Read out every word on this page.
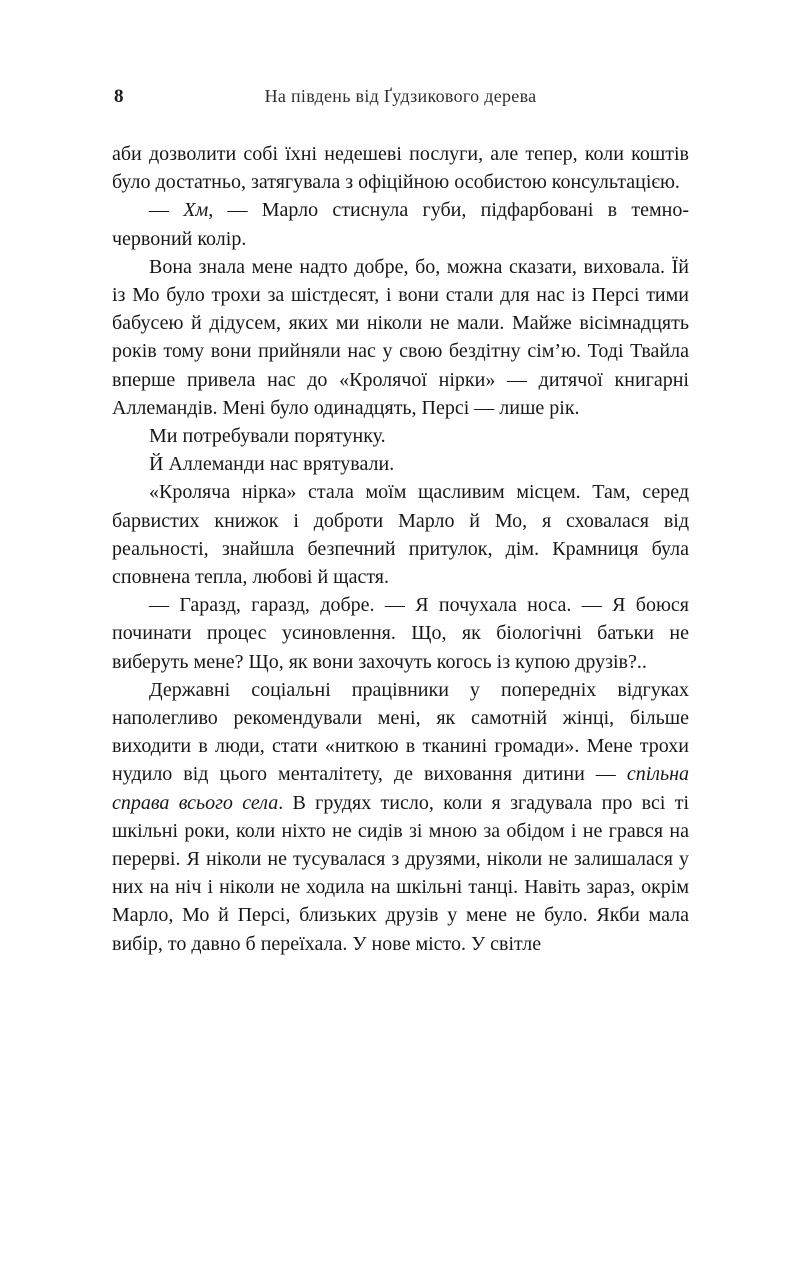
8	На південь від Ґудзикового дерева

аби дозволити собі їхні недешеві послуги, але тепер, коли коштів було достатньо, затягувала з офіційною особистою консультацією.

— Хм, — Марло стиснула губи, підфарбовані в темно-червоний колір.

Вона знала мене надто добре, бо, можна сказати, виховала. Їй із Мо було трохи за шістдесят, і вони стали для нас із Персі тими бабусею й дідусем, яких ми ніколи не мали. Майже вісімнадцять років тому вони прийняли нас у свою бездітну сім’ю. Тоді Твайла вперше привела нас до «Кролячої нірки» — дитячої книгарні Аллемандів. Мені було одинадцять, Персі — лише рік.

Ми потребували порятунку.

Й Аллеманди нас врятували.

«Кроляча нірка» стала моїм щасливим місцем. Там, серед барвистих книжок і доброти Марло й Мо, я сховалася від реальності, знайшла безпечний притулок, дім. Крамниця була сповнена тепла, любові й щастя.

— Гаразд, гаразд, добре. — Я почухала носа. — Я боюся починати процес усиновлення. Що, як біологічні батьки не виберуть мене? Що, як вони захочуть когось із купою друзів?..

Державні соціальні працівники у попередніх відгуках наполегливо рекомендували мені, як самотній жінці, більше виходити в люди, стати «ниткою в тканині громади». Мене трохи нудило від цього менталітету, де виховання дитини — спільна справа всього села. В грудях тисло, коли я згадувала про всі ті шкільні роки, коли ніхто не сидів зі мною за обідом і не грався на перерві. Я ніколи не тусувалася з друзями, ніколи не залишалася у них на ніч і ніколи не ходила на шкільні танці. Навіть зараз, окрім Марло, Мо й Персі, близьких друзів у мене не було. Якби мала вибір, то давно б переїхала. У нове місто. У світле
